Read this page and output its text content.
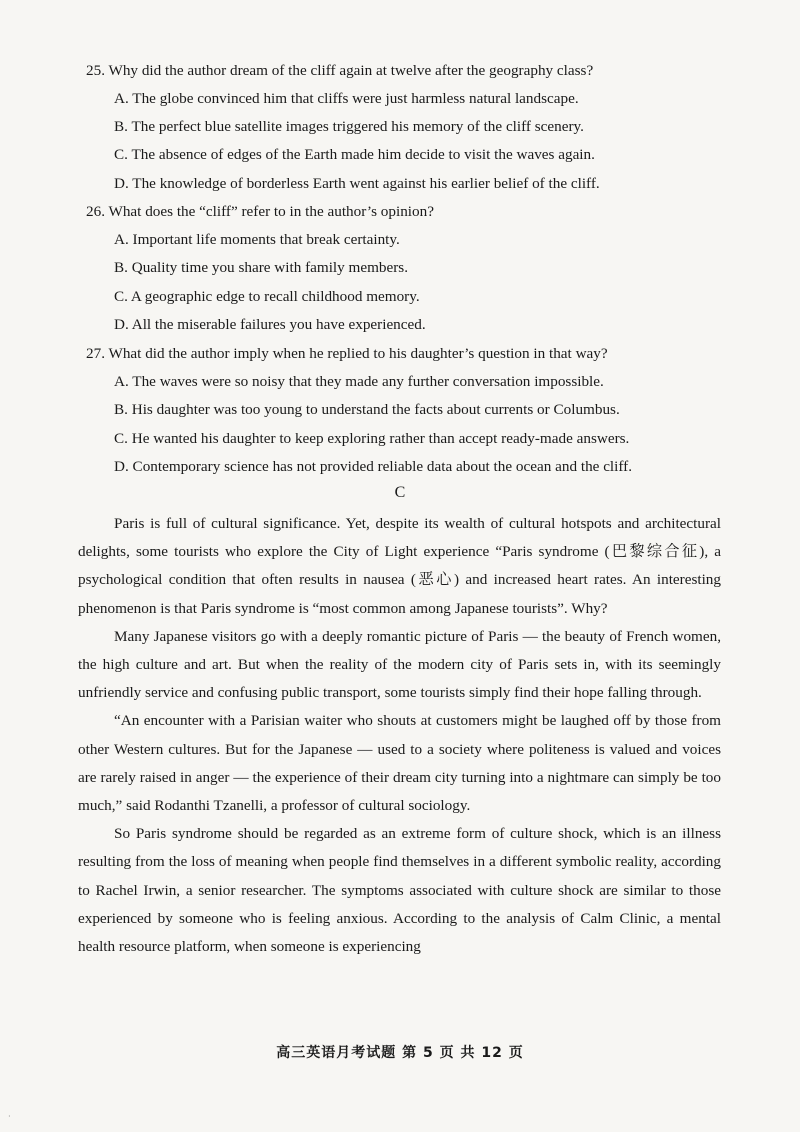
25. Why did the author dream of the cliff again at twelve after the geography class?
A. The globe convinced him that cliffs were just harmless natural landscape.
B. The perfect blue satellite images triggered his memory of the cliff scenery.
C. The absence of edges of the Earth made him decide to visit the waves again.
D. The knowledge of borderless Earth went against his earlier belief of the cliff.
26. What does the “cliff” refer to in the author’s opinion?
A. Important life moments that break certainty.
B. Quality time you share with family members.
C. A geographic edge to recall childhood memory.
D. All the miserable failures you have experienced.
27. What did the author imply when he replied to his daughter’s question in that way?
A. The waves were so noisy that they made any further conversation impossible.
B. His daughter was too young to understand the facts about currents or Columbus.
C. He wanted his daughter to keep exploring rather than accept ready-made answers.
D. Contemporary science has not provided reliable data about the ocean and the cliff.
C

Paris is full of cultural significance. Yet, despite its wealth of cultural hotspots and architectural delights, some tourists who explore the City of Light experience “Paris syndrome (巴黎综合征), a psychological condition that often results in nausea (恶心) and increased heart rates. An interesting phenomenon is that Paris syndrome is “most common among Japanese tourists”. Why?

Many Japanese visitors go with a deeply romantic picture of Paris — the beauty of French women, the high culture and art. But when the reality of the modern city of Paris sets in, with its seemingly unfriendly service and confusing public transport, some tourists simply find their hope falling through.

“An encounter with a Parisian waiter who shouts at customers might be laughed off by those from other Western cultures. But for the Japanese — used to a society where politeness is valued and voices are rarely raised in anger — the experience of their dream city turning into a nightmare can simply be too much,” said Rodanthi Tzanelli, a professor of cultural sociology.

So Paris syndrome should be regarded as an extreme form of culture shock, which is an illness resulting from the loss of meaning when people find themselves in a different symbolic reality, according to Rachel Irwin, a senior researcher. The symptoms associated with culture shock are similar to those experienced by someone who is feeling anxious. According to the analysis of Calm Clinic, a mental health resource platform, when someone is experiencing

高三英语月考试题 第 5 页 共 12 页
·
